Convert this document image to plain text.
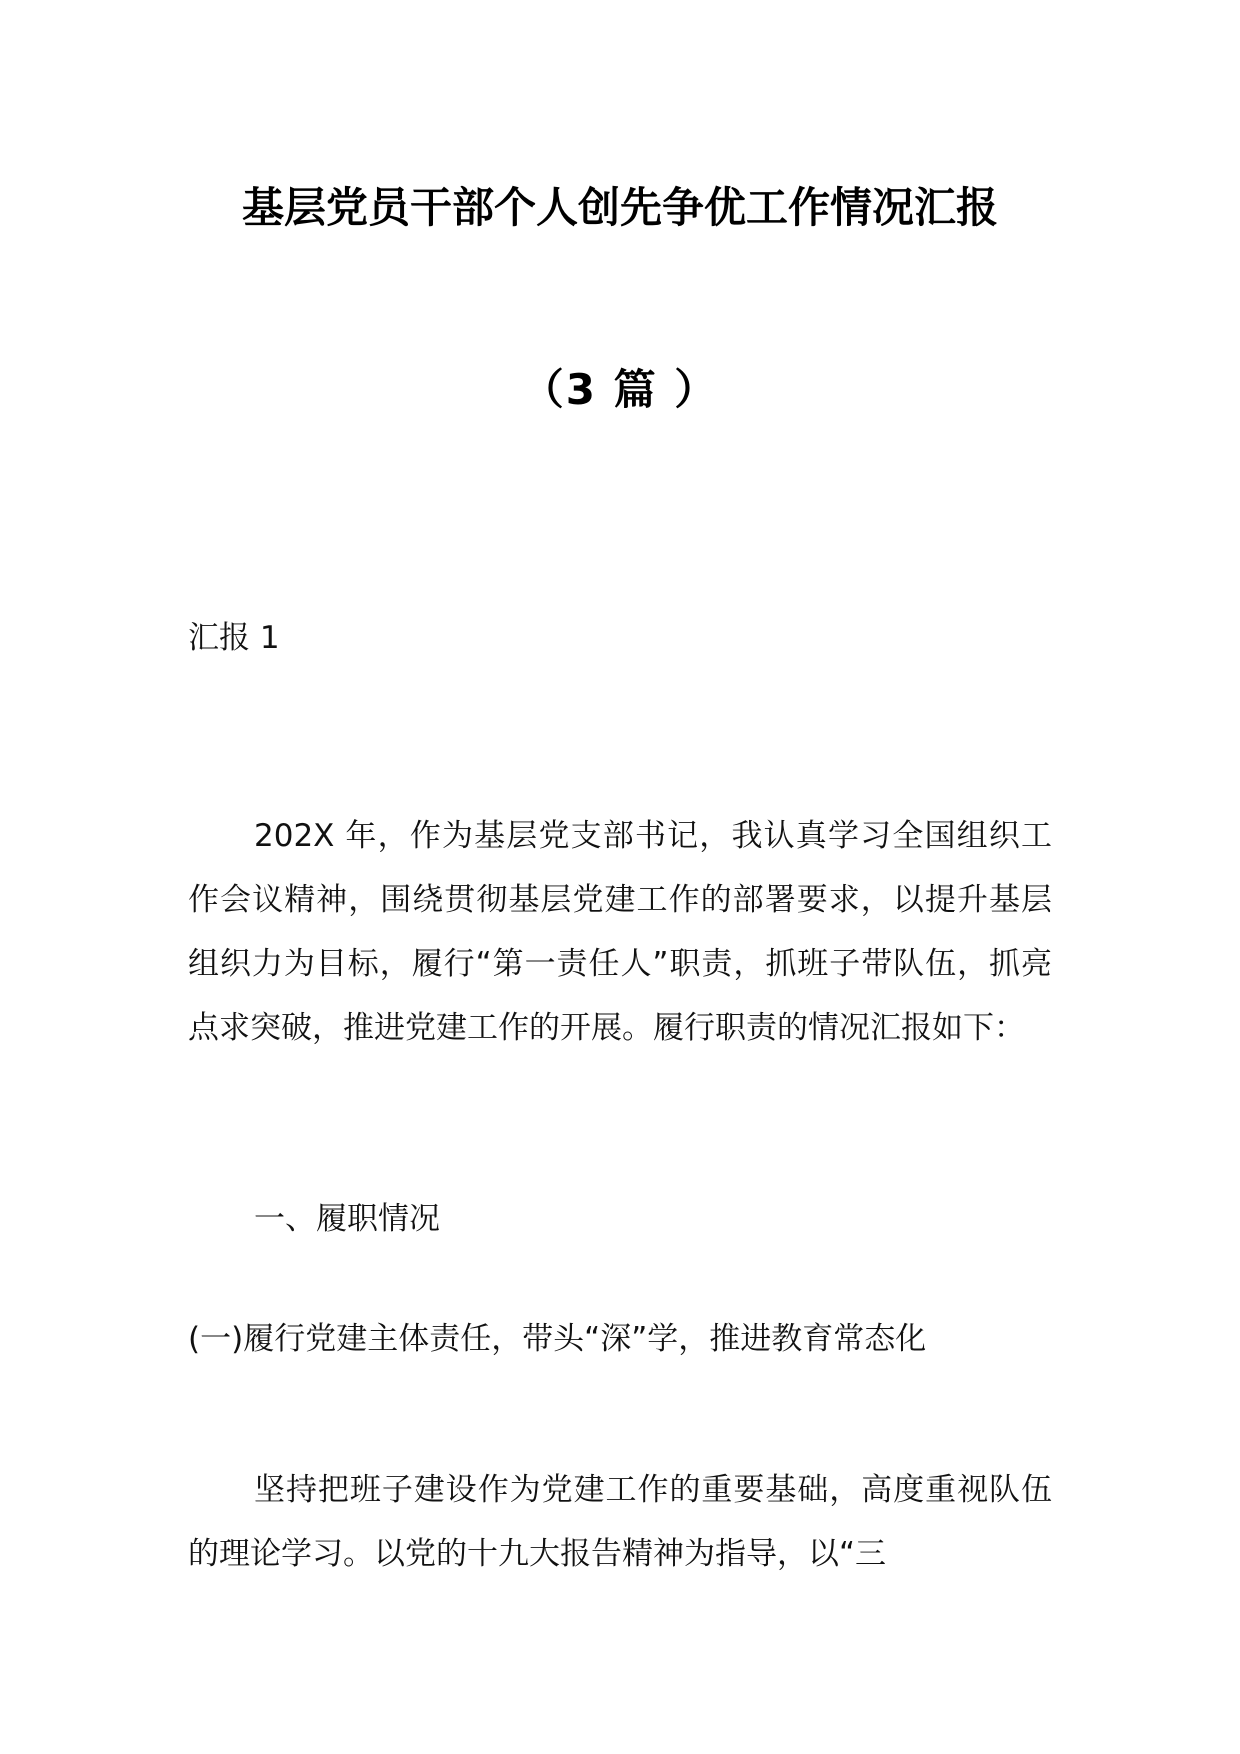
基层党员干部个人创先争优工作情况汇报
（3 篇 ）

汇报 1

202X 年，作为基层党支部书记，我认真学习全国组织工作会议精神，围绕贯彻基层党建工作的部署要求，以提升基层组织力为目标，履行“第一责任人”职责，抓班子带队伍，抓亮点求突破，推进党建工作的开展。履行职责的情况汇报如下：

一、履职情况

(一)履行党建主体责任，带头“深”学，推进教育常态化

坚持把班子建设作为党建工作的重要基础，高度重视队伍的理论学习。以党的十九大报告精神为指导，以“三
